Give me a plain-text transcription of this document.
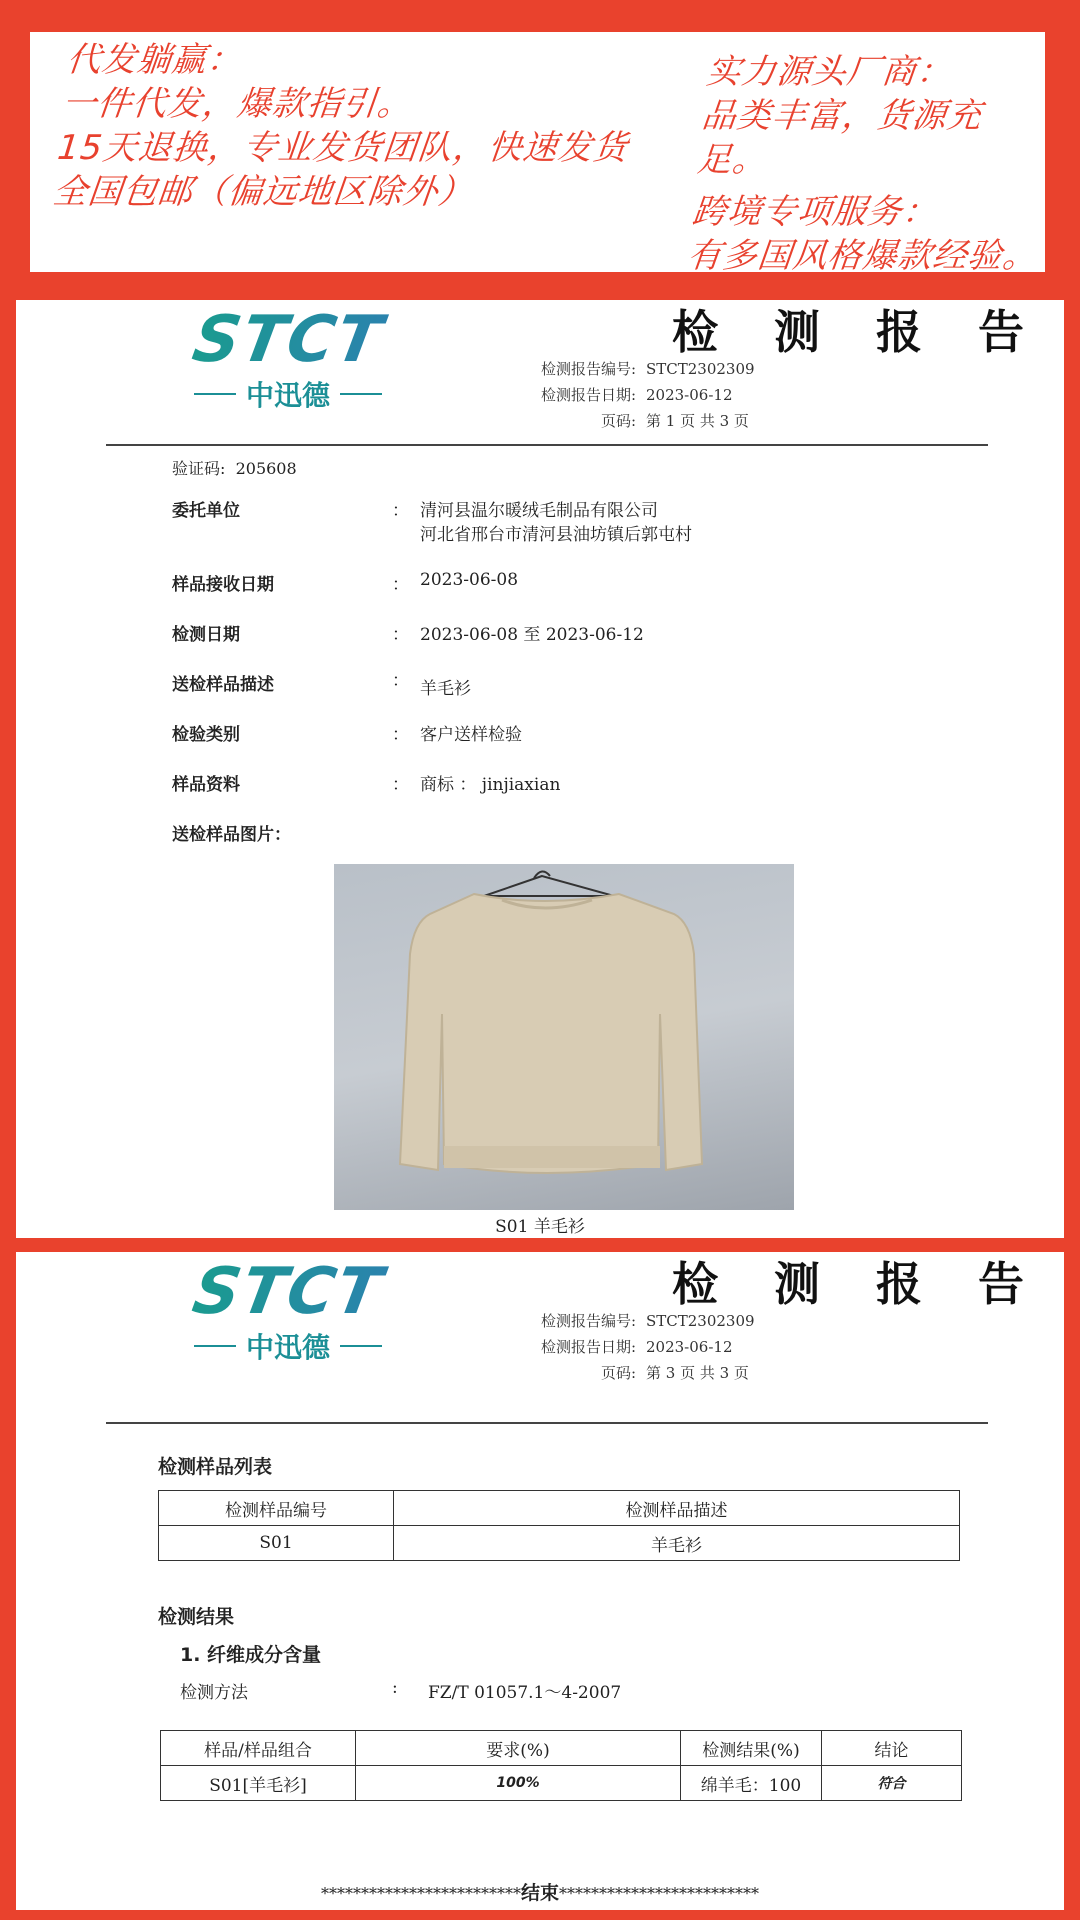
代发躺赢：
一件代发，爆款指引。
15天退换，专业发货团队，快速发货
全国包邮（偏远地区除外）
实力源头厂商：
品类丰富，货源充足。
跨境专项服务：
有多国风格爆款经验。
STCT
中迅德
检 测 报 告
检测报告编号: STCT2302309
检测报告日期: 2023-06-12
页码: 第 1 页 共 3 页
验证码: 205608
委托单位	： 清河县温尔暖绒毛制品有限公司
河北省邢台市清河县油坊镇后郭屯村
样品接收日期	： 2023-06-08
检测日期	： 2023-06-08 至 2023-06-12
送检样品描述	： 羊毛衫
检验类别	： 客户送样检验
样品资料	： 商标 ： jinjiaxian
送检样品图片：
S01 羊毛衫
STCT
中迅德
检 测 报 告
检测报告编号: STCT2302309
检测报告日期: 2023-06-12
页码: 第 3 页 共 3 页
检测样品列表
检测样品编号	检测样品描述
S01	羊毛衫
检测结果
1. 纤维成分含量
检测方法	: FZ/T 01057.1～4-2007
样品/样品组合	要求(%)	检测结果(%)	结论
S01[羊毛衫]	100%	绵羊毛：100	符合
*************************结束*************************
